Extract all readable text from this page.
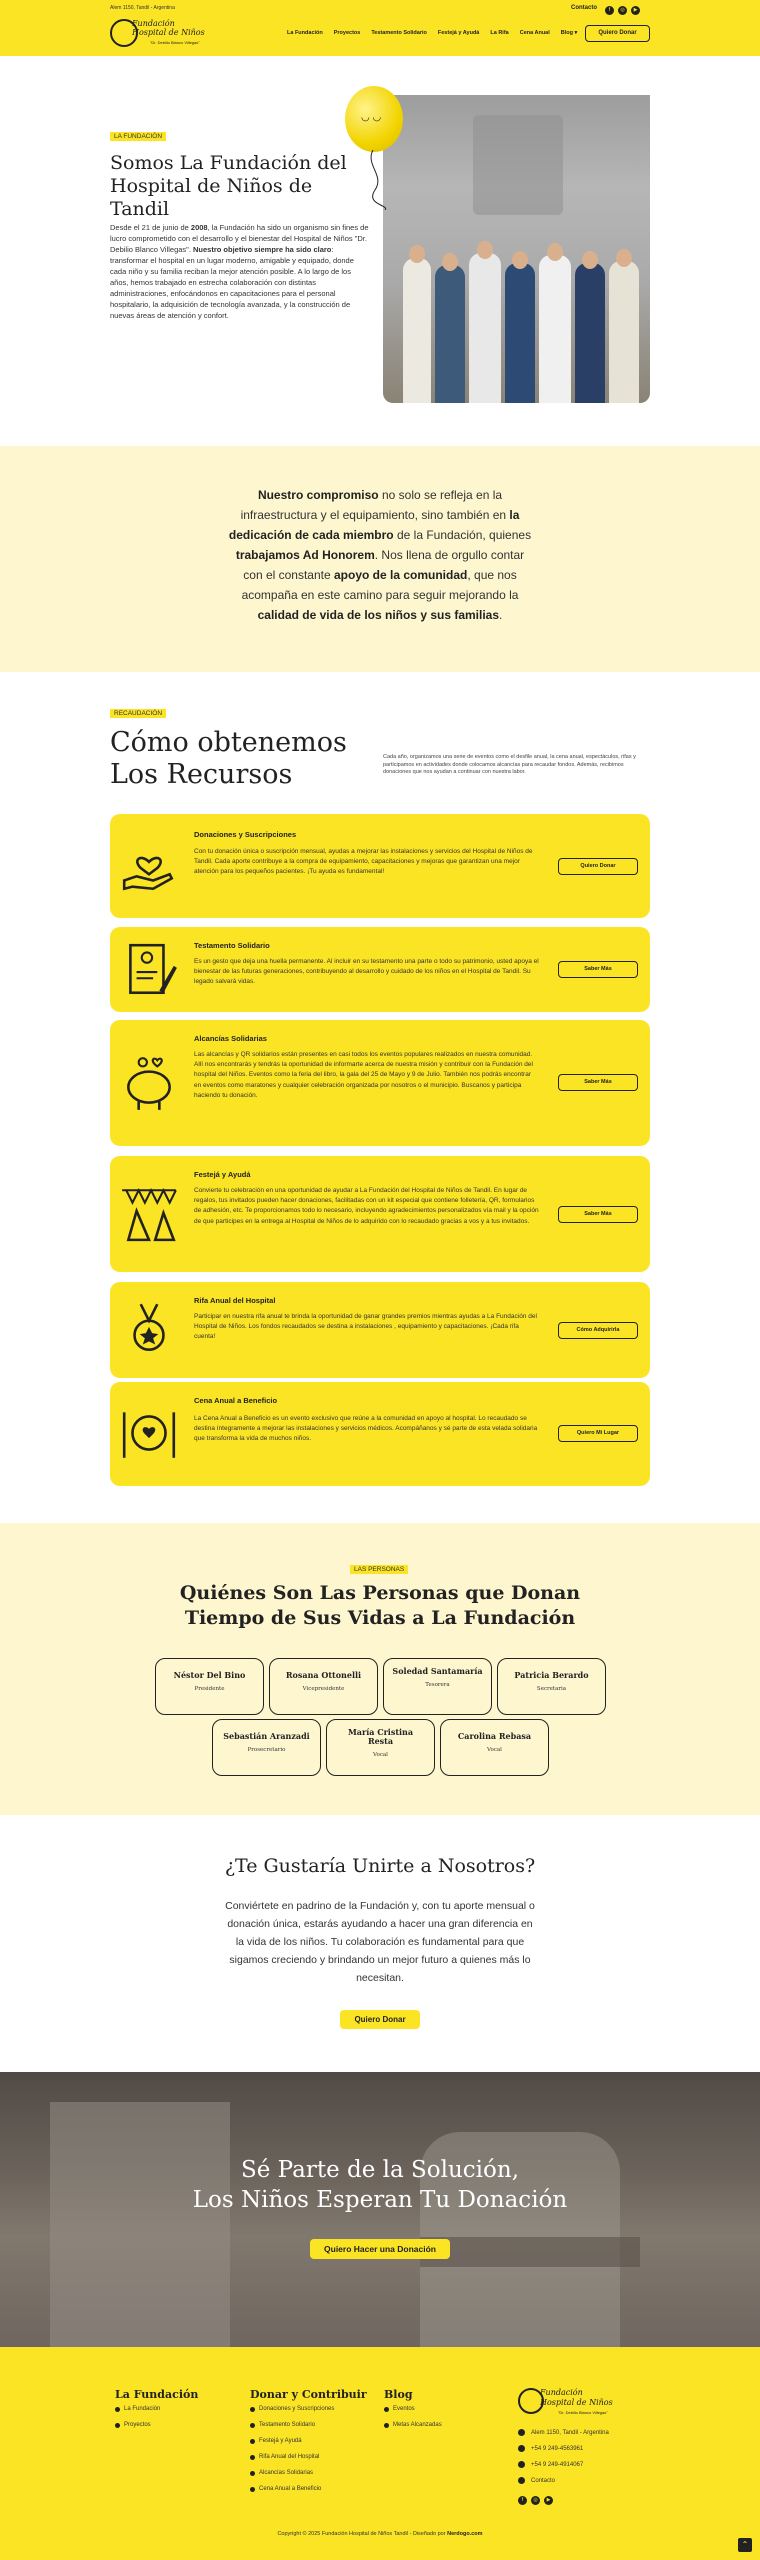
Alem 1150, Tandil - Argentina	Contacto	f	◎	▶
Fundación
Hospital de Niños
"Dr. Debilio Blanco Villegas"
La Fundación Proyectos Testamento Solidario Festejá y Ayudá La Rifa Cena Anual Blog ▾	Quiero Donar
LA FUNDACIÓN
Somos La Fundación del Hospital de Niños de Tandil

Desde el 21 de junio de 2008, la Fundación ha sido un organismo sin fines de lucro comprometido con el desarrollo y el bienestar del Hospital de Niños "Dr. Debilio Blanco Villegas". Nuestro objetivo siempre ha sido claro: transformar el hospital en un lugar moderno, amigable y equipado, donde cada niño y su familia reciban la mejor atención posible. A lo largo de los años, hemos trabajado en estrecha colaboración con distintas administraciones, enfocándonos en capacitaciones para el personal hospitalario, la adquisición de tecnología avanzada, y la construcción de nuevas áreas de atención y confort.

◡ ◡

Nuestro compromiso no solo se refleja en la infraestructura y el equipamiento, sino también en la dedicación de cada miembro de la Fundación, quienes trabajamos Ad Honorem. Nos llena de orgullo contar con el constante apoyo de la comunidad, que nos acompaña en este camino para seguir mejorando la calidad de vida de los niños y sus familias.

RECAUDACIÓN
Cómo obtenemos
Los Recursos

Cada año, organizamos una serie de eventos como el desfile anual, la cena anual, espectáculos, rifas y participamos en actividades donde colocamos alcancías para recaudar fondos. Además, recibimos donaciones que nos ayudan a continuar con nuestra labor.

Donaciones y Suscripciones

Con tu donación única o suscripción mensual, ayudas a mejorar las instalaciones y servicios del Hospital de Niños de Tandil. Cada aporte contribuye a la compra de equipamiento, capacitaciones y mejoras que garantizan una mejor atención para los pequeños pacientes. ¡Tu ayuda es fundamental!

Quiero Donar
Testamento Solidario

Es un gesto que deja una huella permanente. Al incluir en su testamento una parte o todo su patrimonio, usted apoya el bienestar de las futuras generaciones, contribuyendo al desarrollo y cuidado de los niños en el Hospital de Tandil. Su legado salvará vidas.

Saber Más
Alcancías Solidarias

Las alcancías y QR solidarios están presentes en casi todos los eventos populares realizados en nuestra comunidad. Allí nos encontrarás y tendrás la oportunidad de informarte acerca de nuestra misión y contribuir con la Fundación del hospital del Niños. Eventos como la feria del libro, la gala del 25 de Mayo y 9 de Julio. También nos podrás encontrar en eventos como maratones y cualquier celebración organizada por nosotros o el municipio. Buscanos y participa haciendo tu donación.

Saber Más
Festejá y Ayudá

Convierte tu celebración en una oportunidad de ayudar a La Fundación del Hospital de Niños de Tandil. En lugar de regalos, tus invitados pueden hacer donaciones, facilitadas con un kit especial que contiene folletería, QR, formularios de adhesión, etc. Te proporcionamos todo lo necesario, incluyendo agradecimientos personalizados vía mail y la opción de que participes en la entrega al Hospital de Niños de lo adquirido con lo recaudado gracias a vos y a tus invitados.

Saber Más
Rifa Anual del Hospital

Participar en nuestra rifa anual te brinda la oportunidad de ganar grandes premios mientras ayudas a La Fundación del Hospital de Niños. Los fondos recaudados se destina a instalaciones , equipamiento y capacitaciones. ¡Cada rifa cuenta!

Cómo Adquirirla
Cena Anual a Beneficio

La Cena Anual a Beneficio es un evento exclusivo que reúne a la comunidad en apoyo al hospital. Lo recaudado se destina íntegramente a mejorar las instalaciones y servicios médicos. Acompáñanos y sé parte de esta velada solidaria que transforma la vida de muchos niños.

Quiero Mi Lugar
LAS PERSONAS
Quiénes Son Las Personas que Donan Tiempo de Sus Vidas a La Fundación
Néstor Del Bino
Presidente
Rosana Ottonelli
Vicepresidente
Soledad Santamaría
Tesorera
Patricia Berardo
Secretaria
Sebastián Aranzadi
Prosecretario
María Cristina Resta
Vocal
Carolina Rebasa
Vocal
¿Te Gustaría Unirte a Nosotros?

Conviértete en padrino de la Fundación y, con tu aporte mensual o donación única, estarás ayudando a hacer una gran diferencia en la vida de los niños. Tu colaboración es fundamental para que sigamos creciendo y brindando un mejor futuro a quienes más lo necesitan.

Quiero Donar
Sé Parte de la Solución,
Los Niños Esperan Tu Donación
Quiero Hacer una Donación
La Fundación
La Fundación
Proyectos
Donar y Contribuir
Donaciones y Suscripciones
Testamento Solidario
Festejá y Ayudá
Rifa Anual del Hospital
Alcancías Solidarias
Cena Anual a Beneficio
Blog
Eventos
Metas Alcanzadas
Fundación
Hospital de Niños
"Dr. Debilio Blanco Villegas"
Alem 1150, Tandil - Argentina
+54 9 249-4563961
+54 9 249-4914067
Contacto
f	◎	▶

Copyright © 2025 Fundación Hospital de Niños Tandil - Diseñado por Nerdogo.com

⌃
